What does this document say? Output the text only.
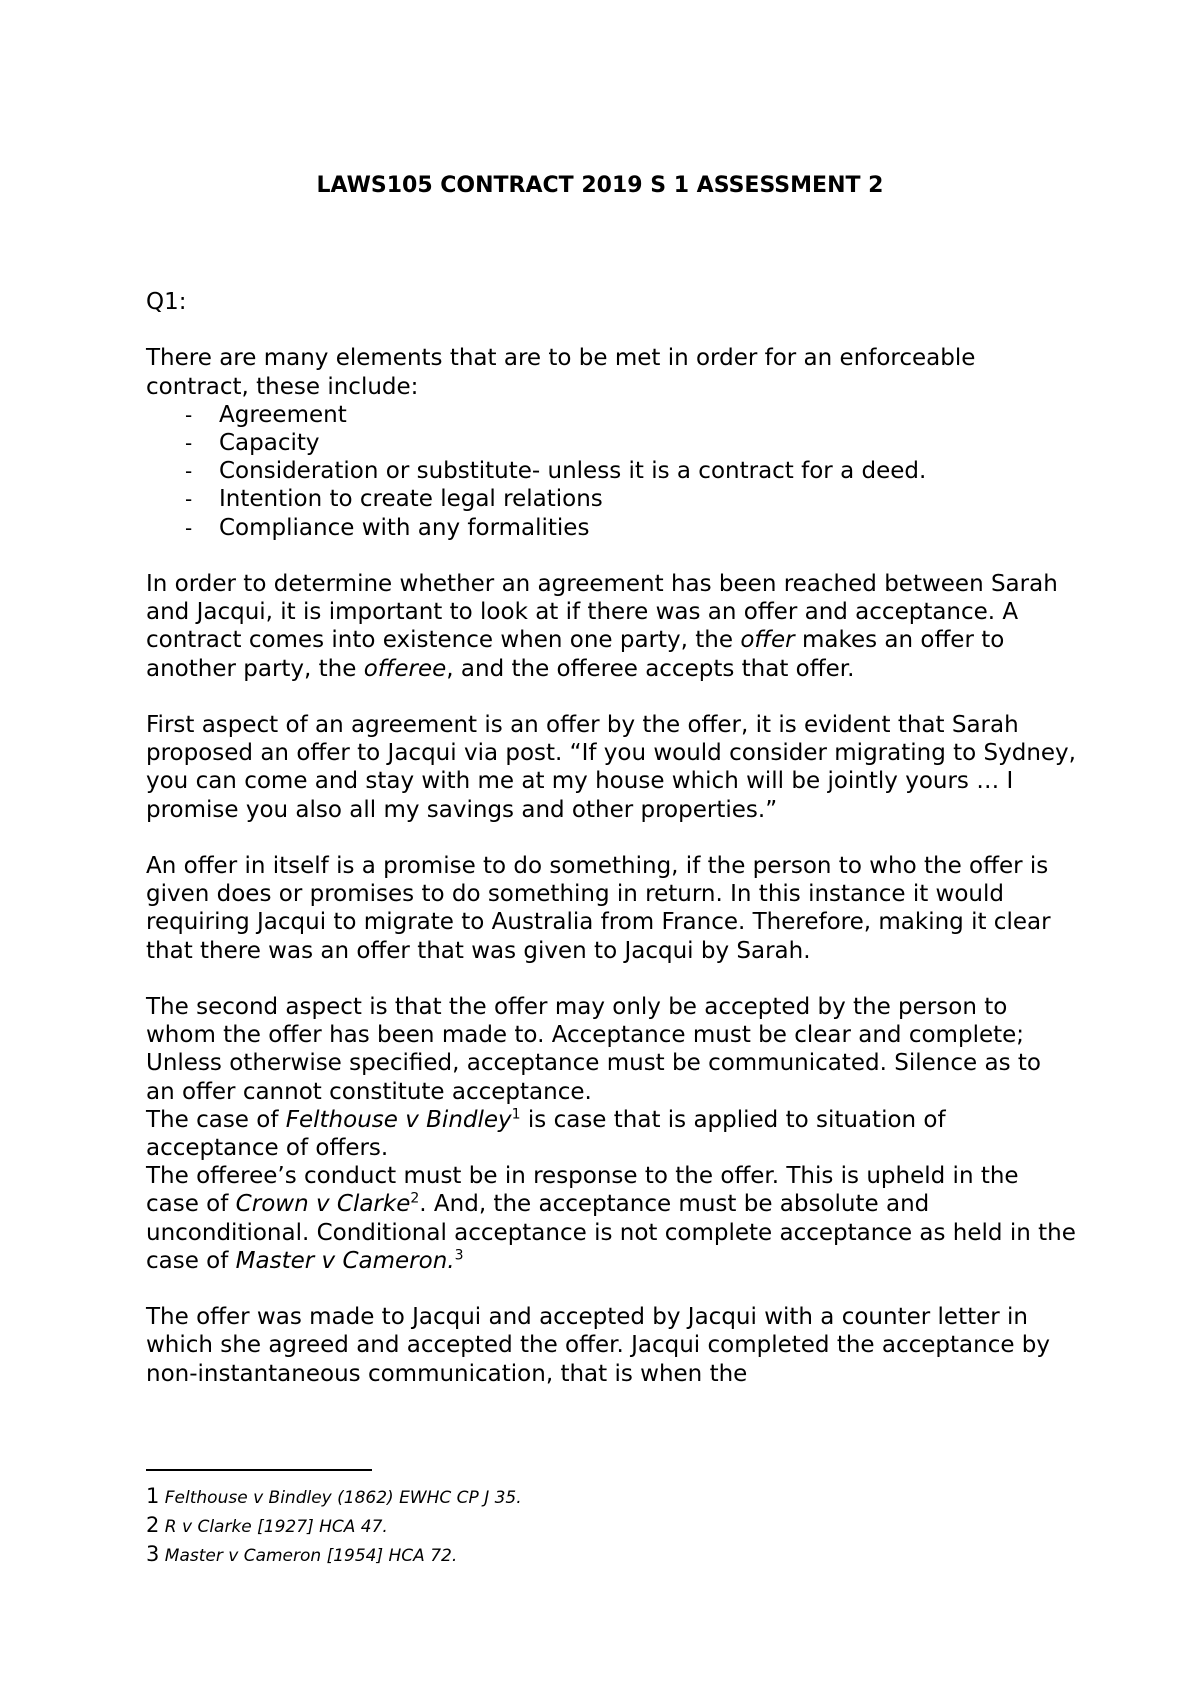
LAWS105 CONTRACT 2019 S 1 ASSESSMENT 2

Q1:

There are many elements that are to be met in order for an enforceable contract, these include:

- Agreement
- Capacity
- Consideration or substitute- unless it is a contract for a deed.
- Intention to create legal relations
- Compliance with any formalities

In order to determine whether an agreement has been reached between Sarah and Jacqui, it is important to look at if there was an offer and acceptance. A contract comes into existence when one party, the offer makes an offer to another party, the offeree, and the offeree accepts that offer.

First aspect of an agreement is an offer by the offer, it is evident that Sarah proposed an offer to Jacqui via post. “If you would consider migrating to Sydney, you can come and stay with me at my house which will be jointly yours … I promise you also all my savings and other properties.”

An offer in itself is a promise to do something, if the person to who the offer is given does or promises to do something in return. In this instance it would requiring Jacqui to migrate to Australia from France. Therefore, making it clear that there was an offer that was given to Jacqui by Sarah.

The second aspect is that the offer may only be accepted by the person to whom the offer has been made to. Acceptance must be clear and complete; Unless otherwise specified, acceptance must be communicated. Silence as to an offer cannot constitute acceptance.

The case of Felthouse v Bindley$^1$ is case that is applied to situation of acceptance of offers.

The offeree’s conduct must be in response to the offer. This is upheld in the case of Crown v Clarke$^2$. And, the acceptance must be absolute and unconditional. Conditional acceptance is not complete acceptance as held in the case of Master v Cameron.$^3$

The offer was made to Jacqui and accepted by Jacqui with a counter letter in which she agreed and accepted the offer. Jacqui completed the acceptance by non-instantaneous communication, that is when the

1 Felthouse v Bindley (1862) EWHC CP J 35.
2 R v Clarke [1927] HCA 47.
3 Master v Cameron [1954] HCA 72.
